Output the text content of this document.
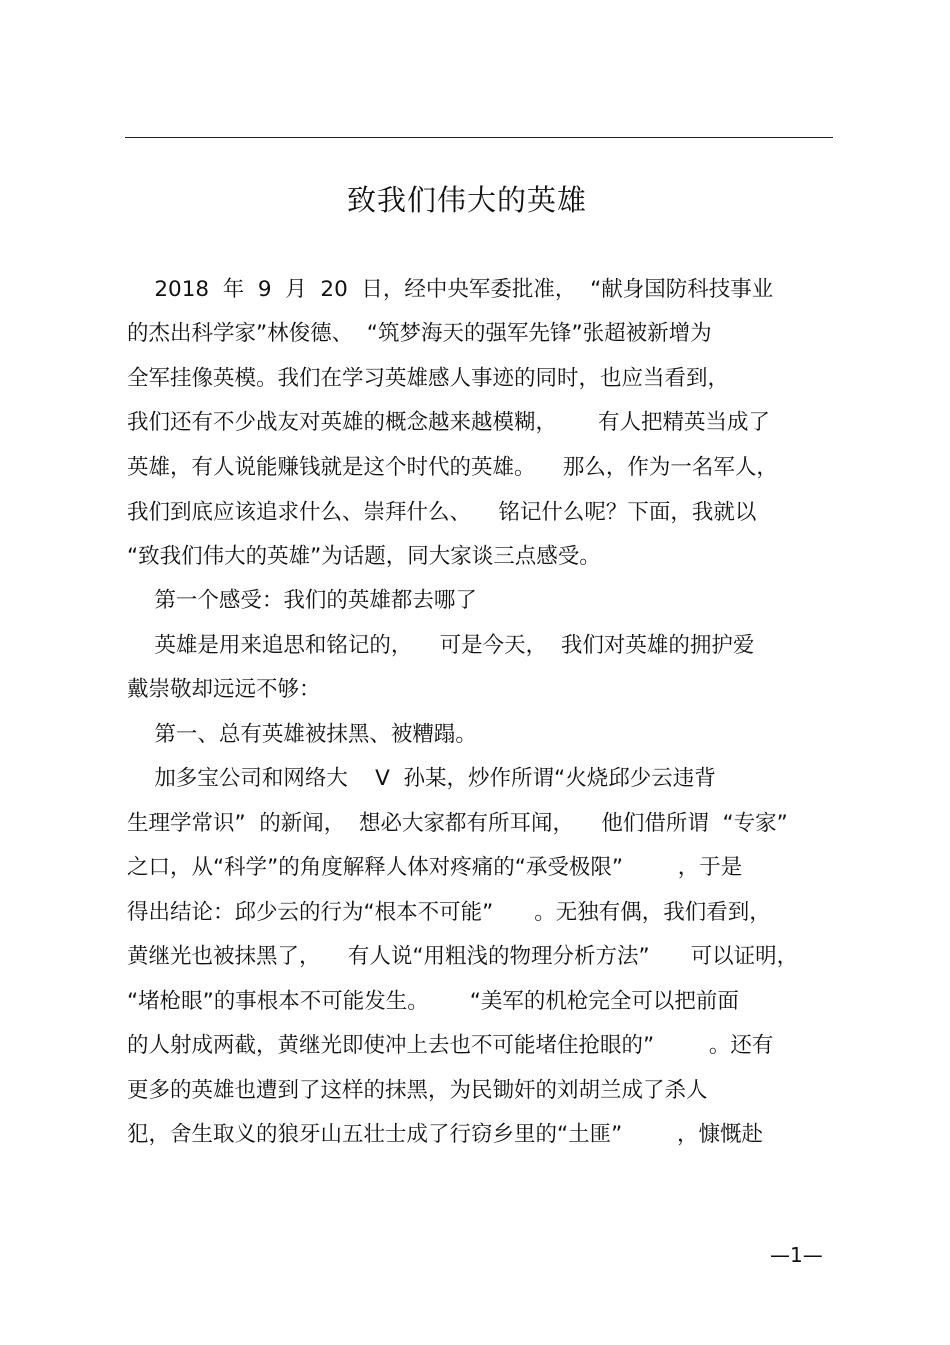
致我们伟大的英雄
2018  年  9  月  20  日，经中央军委批准，  “献身国防科技事业
的杰出科学家”林俊德、  “筑梦海天的强军先锋”张超被新增为
全军挂像英模。我们在学习英雄感人事迹的同时，也应当看到，
我们还有不少战友对英雄的概念越来越模糊，      有人把精英当成了
英雄，有人说能赚钱就是这个时代的英雄。    那么，作为一名军人，
我们到底应该追求什么、崇拜什么、    铭记什么呢？下面，我就以
“致我们伟大的英雄”为话题，同大家谈三点感受。
第一个感受：我们的英雄都去哪了
英雄是用来追思和铭记的，    可是今天，  我们对英雄的拥护爱
戴崇敬却远远不够：
第一、总有英雄被抹黑、被糟蹋。
加多宝公司和网络大    V  孙某，炒作所谓“火烧邱少云违背
生理学常识”  的新闻，  想必大家都有所耳闻，    他们借所谓  “专家”
之口，从“科学”的角度解释人体对疼痛的“承受极限”        ，于是
得出结论：邱少云的行为“根本不可能”      。无独有偶，我们看到，
黄继光也被抹黑了，    有人说“用粗浅的物理分析方法”      可以证明，
“堵枪眼”的事根本不可能发生。      “美军的机枪完全可以把前面
的人射成两截，黄继光即使冲上去也不可能堵住抢眼的”        。还有
更多的英雄也遭到了这样的抹黑，为民锄奸的刘胡兰成了杀人
犯，舍生取义的狼牙山五壮士成了行窃乡里的“土匪”        ，慷慨赴
—1—
